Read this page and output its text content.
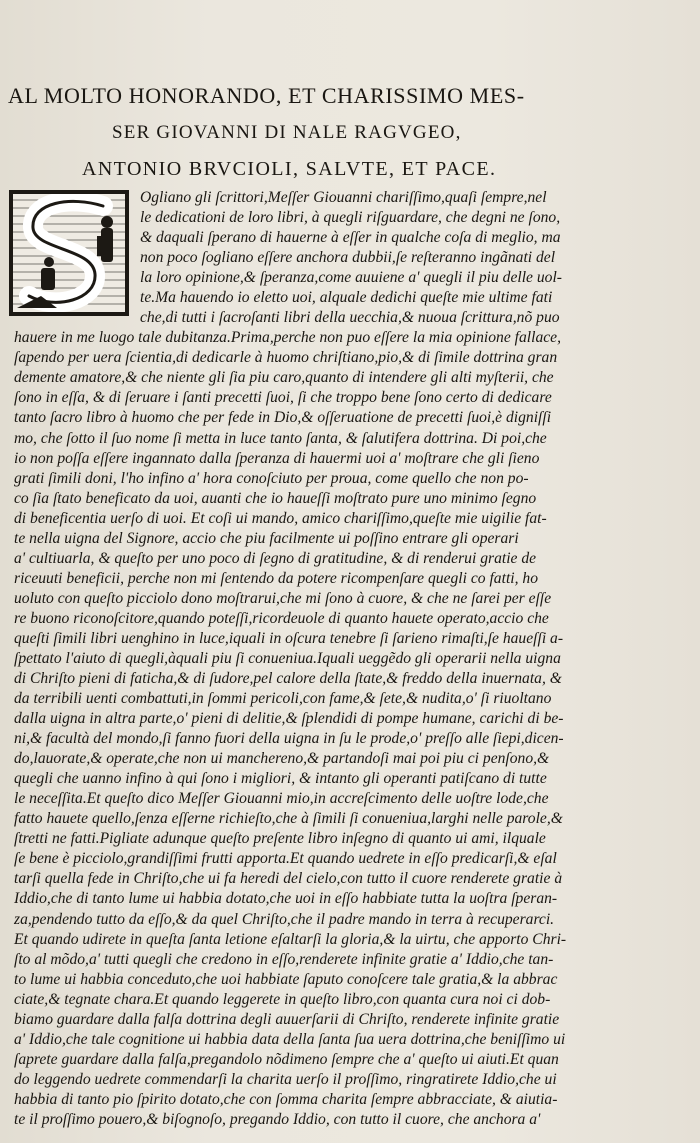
AL MOLTO HONORANDO, ET CHARISSIMO MES-
SER GIOVANNI DI NALE RAGVGEO,
ANTONIO BRVCIOLI, SALVTE, ET PACE.
Ogliano gli ſcrittori,Meſſer Giouanni chariſſimo,quaſi ſempre,nel
le dedicationi de loro libri, à quegli riſguardare, che degni ne ſono,
& daquali ſperano di hauerne à eſſer in qualche coſa di meglio, ma
non poco ſogliano eſſere anchora dubbii,ſe reſteranno ingãnati del
la loro opinione,& ſperanza,come auuiene a' quegli il piu delle uol-
te.Ma hauendo io eletto uoi, alquale dedichi queſte mie ultime fati
che,di tutti i ſacroſanti libri della uecchia,& nuoua ſcrittura,nõ puo
hauere in me luogo tale dubitanza.Prima,perche non puo eſſere la mia opinione fallace,
ſapendo per uera ſcientia,di dedicarle à huomo chriſtiano,pio,& di ſimile dottrina gran
demente amatore,& che niente gli ſia piu caro,quanto di intendere gli alti myſterii, che
ſono in eſſa, & di ſeruare i ſanti precetti ſuoi, ſi che troppo bene ſono certo di dedicare
tanto ſacro libro à huomo che per fede in Dio,& oſſeruatione de precetti ſuoi,è digniſſi
mo, che ſotto il ſuo nome ſi metta in luce tanto ſanta, & ſalutifera dottrina. Di poi,che
io non poſſa eſſere ingannato dalla ſperanza di hauermi uoi a' moſtrare che gli ſieno
grati ſimili doni, l'ho infino a' hora conoſciuto per proua, come quello che non po-
co ſia ſtato beneficato da uoi, auanti che io haueſſi moſtrato pure uno minimo ſegno
di beneficentia uerſo di uoi. Et coſi ui mando, amico chariſſimo,queſte mie uigilie fat-
te nella uigna del Signore, accio che piu facilmente ui poſſino entrare gli operari
a' cultiuarla, & queſto per uno poco di ſegno di gratitudine, & di renderui gratie de
riceuuti beneficii, perche non mi ſentendo da potere ricompenſare quegli co fatti, ho
uoluto con queſto picciolo dono moſtrarui,che mi ſono à cuore, & che ne ſarei per eſſe
re buono riconoſcitore,quando poteſſi,ricordeuole di quanto hauete operato,accio che
queſti ſimili libri uenghino in luce,iquali in oſcura tenebre ſi ſarieno rimaſti,ſe haueſſi a-
ſpettato l'aiuto di quegli,àquali piu ſi conueniua.Iquali ueggẽdo gli operarii nella uigna
di Chriſto pieni di faticha,& di ſudore,pel calore della ſtate,& freddo della inuernata, &
da terribili uenti combattuti,in ſommi pericoli,con fame,& ſete,& nudita,o' ſi riuoltano
dalla uigna in altra parte,o' pieni di delitie,& ſplendidi di pompe humane, carichi di be-
ni,& facultà del mondo,ſi fanno fuori della uigna in ſu le prode,o' preſſo alle ſiepi,dicen-
do,lauorate,& operate,che non ui manchereno,& partandoſi mai poi piu ci penſono,&
quegli che uanno infino à qui ſono i migliori, & intanto gli operanti patiſcano di tutte
le neceſſita.Et queſto dico Meſſer Giouanni mio,in accreſcimento delle uoſtre lode,che
fatto hauete quello,ſenza eſſerne richieſto,che à ſimili ſi conueniua,larghi nelle parole,&
ſtretti ne fatti.Pigliate adunque queſto preſente libro inſegno di quanto ui ami, ilquale
ſe bene è picciolo,grandiſſimi frutti apporta.Et quando uedrete in eſſo predicarſi,& eſal
tarſi quella fede in Chriſto,che ui fa heredi del cielo,con tutto il cuore renderete gratie à
Iddio,che di tanto lume ui habbia dotato,che uoi in eſſo habbiate tutta la uoſtra ſperan-
za,pendendo tutto da eſſo,& da quel Chriſto,che il padre mando in terra à recuperarci.
Et quando udirete in queſta ſanta letione eſaltarſi la gloria,& la uirtu, che apporto Chri-
ſto al mõdo,a' tutti quegli che credono in eſſo,renderete infinite gratie a' Iddio,che tan-
to lume ui habbia conceduto,che uoi habbiate ſaputo conoſcere tale gratia,& la abbrac
ciate,& tegnate chara.Et quando leggerete in queſto libro,con quanta cura noi ci dob-
biamo guardare dalla falſa dottrina degli auuerſarii di Chriſto, renderete infinite gratie
a' Iddio,che tale cognitione ui habbia data della ſanta ſua uera dottrina,che beniſſimo ui
ſaprete guardare dalla falſa,pregandolo nõdimeno ſempre che a' queſto ui aiuti.Et quan
do leggendo uedrete commendarſi la charita uerſo il proſſimo, ringratirete Iddio,che ui
habbia di tanto pio ſpirito dotato,che con ſomma charita ſempre abbracciate, & aiutia-
te il proſſimo pouero,& biſognoſo, pregando Iddio, con tutto il cuore, che anchora a'
